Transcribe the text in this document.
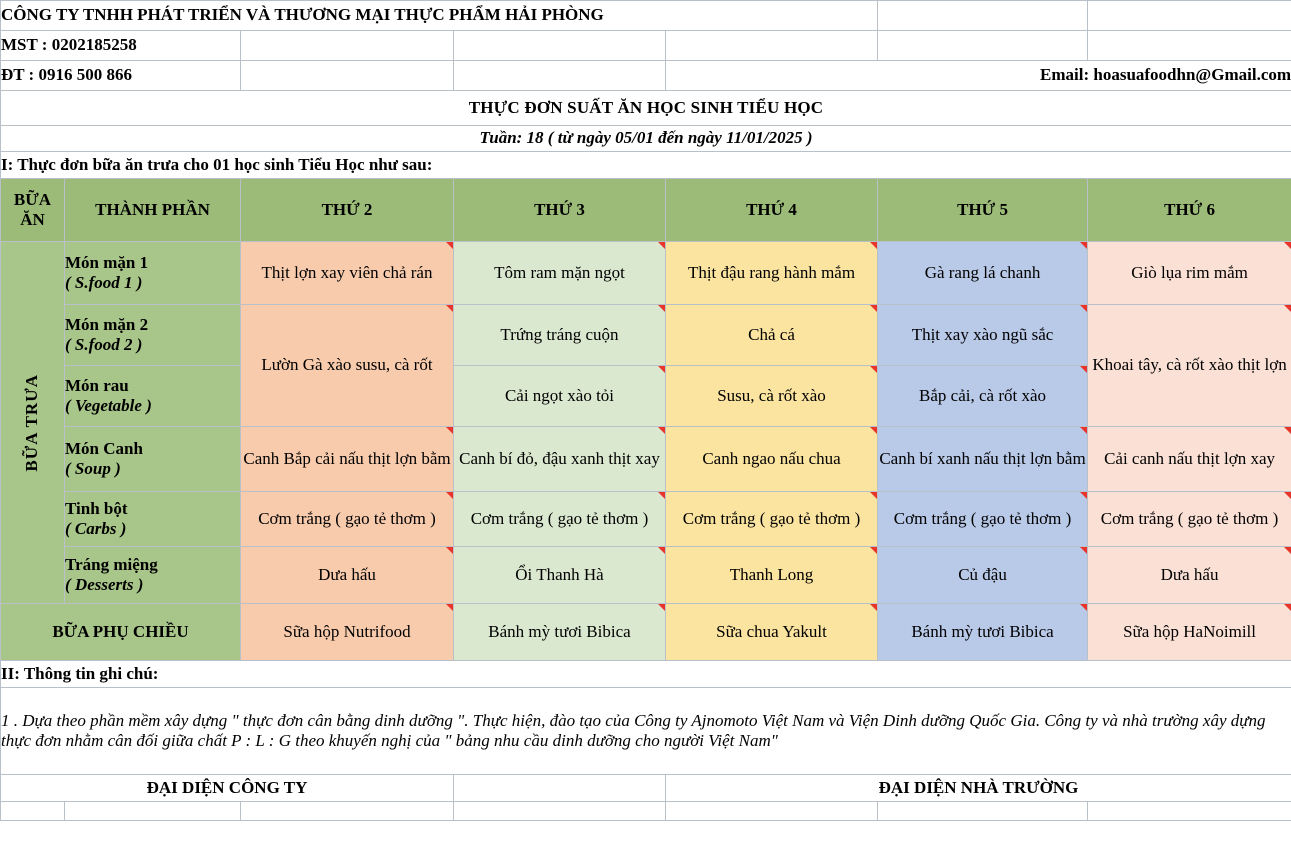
CÔNG TY TNHH PHÁT TRIỂN VÀ THƯƠNG MẠI THỰC PHẨM HẢI PHÒNG						
MST : 0202185258						
ĐT : 0916 500 866				Email: hoasuafoodhn@Gmail.com		
THỰC ĐƠN SUẤT ĂN HỌC SINH TIỂU HỌC						
Tuần: 18 ( từ ngày 05/01 đến ngày 11/01/2025 )						
I: Thực đơn bữa ăn trưa cho 01 học sinh Tiểu Học như sau:						
BỮA ĂN	THÀNH PHẦN	THỨ 2	THỨ 3	THỨ 4	THỨ 5	THỨ 6

BỮA TRƯA	Món mặn 1
( S.food 1 )	Thịt lợn xay viên chả rán	Tôm ram mặn ngọt	Thịt đậu rang hành mắm	Gà rang lá chanh	Giò lụa rim mắm

	Món mặn 2
( S.food 2 )	Lườn Gà xào susu, cà rốt	Trứng tráng cuộn	Chả cá	Thịt xay xào ngũ sắc	Khoai tây, cà rốt xào thịt lợn

	Món rau
( Vegetable )		Cải ngọt xào tỏi	Susu, cà rốt xào	Bắp cải, cà rốt xào	

	Món Canh
( Soup )	Canh Bắp cải nấu thịt lợn bằm	Canh bí đỏ, đậu xanh thịt xay	Canh ngao nấu chua	Canh bí xanh nấu thịt lợn bằm	Cải canh nấu thịt lợn xay

	Tinh bột
( Carbs )	Cơm trắng ( gạo tẻ thơm )	Cơm trắng ( gạo tẻ thơm )	Cơm trắng ( gạo tẻ thơm )	Cơm trắng ( gạo tẻ thơm )	Cơm trắng ( gạo tẻ thơm )

	Tráng miệng
( Desserts )	Dưa hấu	Ổi Thanh Hà	Thanh Long	Củ đậu	Dưa hấu
BỮA PHỤ CHIỀU		Sữa hộp Nutrifood	Bánh mỳ tươi Bibica	Sữa chua Yakult	Bánh mỳ tươi Bibica	Sữa hộp HaNoimill
II: Thông tin ghi chú:						
1 . Dựa theo phần mềm xây dựng " thực đơn cân bằng dinh dưỡng ". Thực hiện, đào tạo của Công ty Ajnomoto Việt Nam và Viện Dinh dưỡng Quốc Gia. Công ty và nhà trường xây dựng thực đơn nhằm cân đối giữa chất P : L : G theo khuyến nghị của " bảng nhu cầu dinh dưỡng cho người Việt Nam"						
ĐẠI DIỆN CÔNG TY				ĐẠI DIỆN NHÀ TRƯỜNG		
